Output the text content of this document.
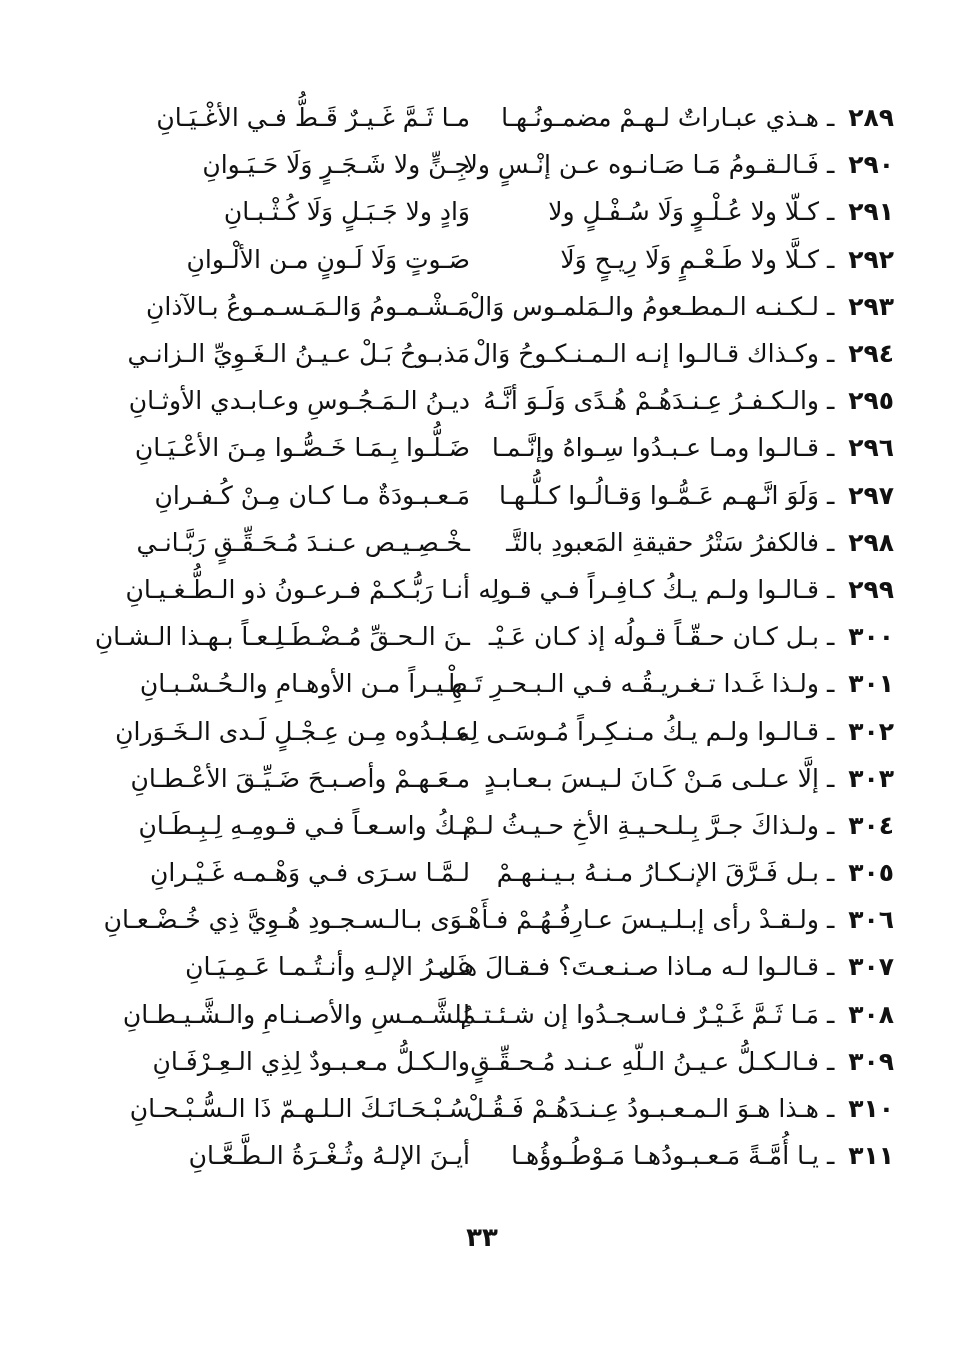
٢٨٩ ـ هـذي عبـاراتٌ لـهـمْ مضمـونُـهـا
مـا ثَـمَّ غَـيـرٌ قَـطُّ فـي الأغْـيَـانِ
٢٩٠ ـ فَـالـقـومُ مَـا صَـانـوه عـن إنْـسٍ ولا
جِـنٍّ ولا شَـجَـرٍ وَلَا حَـيَـوانِ
٢٩١ ـ كـلّا ولا عُـلْـوٍ وَلَا سُـفْـلٍ ولا
وَادٍ ولا جَـبَـلٍ وَلَا كُـثْـبـانِ
٢٩٢ ـ كـلَّا ولا طَـعْـمٍ وَلَا رِيـحٍ وَلَا
صَـوتٍ وَلَا لَـونٍ مـن الألْـوانِ
٢٩٣ ـ لـكـنـه الـمطـعومُ والـمَلمـوس وَالْ
مَـشْـمـومُ وَالـمَـسـمـوعُ بـالآذانِ
٢٩٤ ـ وكـذاك قـالـوا إنـه الـمـنـكـوحُ وَالْ
مَذبـوحُ بَـلْ عـيـنُ الـغَـوِيِّ الـزانـي
٢٩٥ ـ والـكـفـرُ عِـنـدَهُـمْ هُـدًى وَلَـوَ أنَّـهُ
ديـنُ الـمَـجُـوسِ وعـابـدي الأوثـانِ
٢٩٦ ـ قـالـوا ومـا عـبـدُوا سِـواهُ وإنَّـمـا
ضَـلُّـوا بِـمَـا خَـصُّـوا مِـنَ الأعْـيَـانِ
٢٩٧ ـ وَلَوَ انَّـهـم عَـمُّـوا وَقـالُـوا كـلُّـهـا
مَـعـبـودَةٌ مـا كـان مِـنْ كُـفـرانِ
٢٩٨ ـ فالكفرُ سَتْرُ حقيقةِ المَعبودِ بالتَّـ
ـخْـصِـيـص عـنـدَ مُـحَـقِّـقٍ رَبَّـانـي
٢٩٩ ـ قـالـوا ولـم يـكُ كـافِـراً فـي قـولِه
أنـا رَبُّـكـمْ فـرعـونُ ذو الـطُّـغـيـانِ
٣٠٠ ـ بـل كـان حـقّـاً قـولُه إذ كـان عَـيْـ
ـنَ الـحـقِّ مُـضْـطَـلِـعـاً بـهـذا الـشـانِ
٣٠١ ـ ولـذا غَـدا تـغـريـقُـه فـي الـبـحـرِ تَـطْـ
ـهِـيـراً مـن الأوهـامِ والـحُـسْـبـانِ
٣٠٢ ـ قـالـوا ولـم يـكُ مـنـكِـراً مُـوسَـى لِمـا
عـبـدُوه مِـن عِـجْـلٍ لَـدى الـخَـوَرانِ
٣٠٣ ـ إلَّا عـلـى مَـنْ كَـانَ لـيـسَ بـعـابـدٍ
مـعَـهـمْ وأصـبـحَ ضَـيِّـقَ الأعْـطـانِ
٣٠٤ ـ ولـذاكَ جـرَّ بِـلـحـيـةِ الأخِ حـيـثُ لـمْ
يـكُ واسـعـاً فـي قـومِـهِ لِـبِـطَـانِ
٣٠٥ ـ بـل فَـرَّقَ الإنـكـارُ مـنـهُ بـيـنـهـمْ
لـمَّـا سـرَى فـي وَهْـمـه غَـيْـرانِ
٣٠٦ ـ ولـقـدْ رأى إبـلـيـسَ عـارِفُـهُـمْ فـأَهْـ
ـوَى بـالـسـجـودِ هُـوِيَّ ذِي خُـضْـعـانِ
٣٠٧ ـ قـالـوا لـه مـاذا صـنـعـتَ؟ فـقـالَ هـل
غَـيـرُ الإلـهِ وأنـتُـمـا عَـمِـيَـانِ
٣٠٨ ـ مَـا ثَـمَّ غَـيْـرٌ فـاسـجـدُوا إن شـئـتـمُ
لِلشَّـمـسِ والأصـنـامِ والـشَّـيـطـانِ
٣٠٩ ـ فـالـكـلُّ عـيـنُ الـلّهِ عـنـد مُـحـقِّـقٍ
والـكـلُّ مـعـبـودٌ لِذِي الـعِـرْفَـانِ
٣١٠ ـ هـذا هـوَ الـمـعـبـودُ عِـنـدَهُـمْ فَـقُـلْ
سُـبْـحَـانَـكَ الـلـهـمّ ذَا الـسُّـبْـحـانِ
٣١١ ـ يـا أُمَّـةً مَـعـبـودُهـا مَـوْطُـوؤُهـا
أيـنَ الإلـهُ وثُـغْـرَةُ الـطَّـعَّـانِ
٣٣
